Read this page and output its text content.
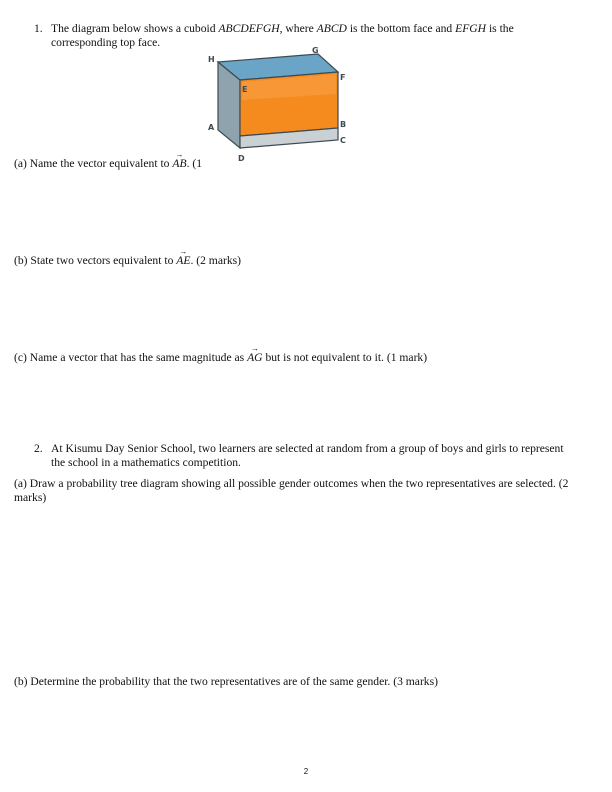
1. The diagram below shows a cuboid ABCDEFGH, where ABCD is the bottom face and EFGH is the
corresponding top face.
H
G
F
E
A	B
C
D
(a) Name the vector equivalent to → AB. (1
(b) State two vectors equivalent to → AE. (2 marks)
(c) Name a vector that has the same magnitude as → AG but is not equivalent to it. (1 mark)
2. At Kisumu Day Senior School, two learners are selected at random from a group of boys and girls to represent
the school in a mathematics competition.
(a) Draw a probability tree diagram showing all possible gender outcomes when the two representatives are selected. (2
marks)
(b) Determine the probability that the two representatives are of the same gender. (3 marks)
2
